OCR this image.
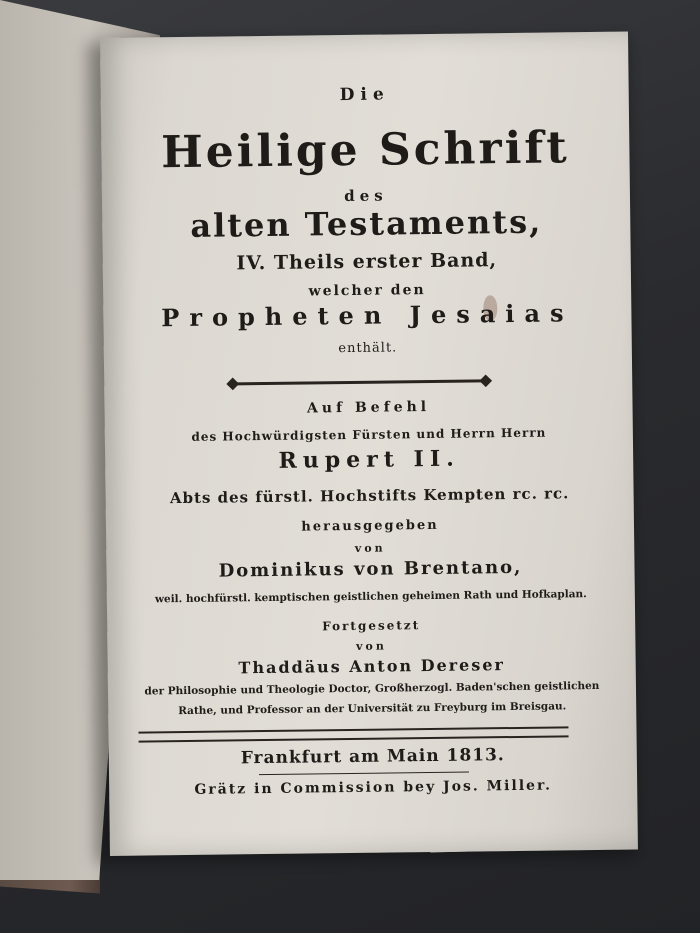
Die
Heilige Schrift
des
alten Testaments,
IV. Theils erster Band,
welcher den
Propheten Jesaias
enthält.
Auf Befehl
des Hochwürdigsten Fürsten und Herrn Herrn
Rupert II.
Abts des fürstl. Hochstifts Kempten rc. rc.
herausgegeben
von
Dominikus von Brentano,
weil. hochfürstl. kemptischen geistlichen geheimen Rath und Hofkaplan.
Fortgesetzt
von
Thaddäus Anton Dereser
der Philosophie und Theologie Doctor, Großherzogl. Baden'schen geistlichen
Rathe, und Professor an der Universität zu Freyburg im Breisgau.
Frankfurt am Main 1813.
Grätz in Commission bey Jos. Miller.
